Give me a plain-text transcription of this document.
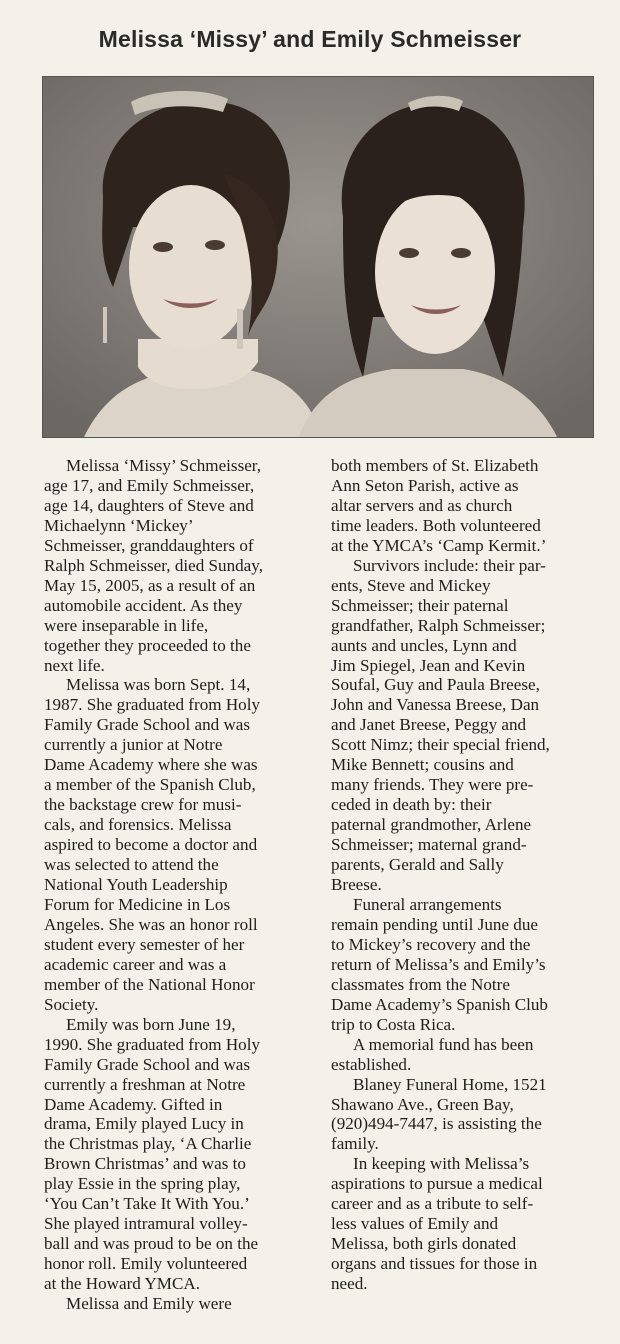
Melissa ‘Missy’ and Emily Schmeisser

Melissa ‘Missy’ Schmeisser,
age 17, and Emily Schmeisser,
age 14, daughters of Steve and
Michaelynn ‘Mickey’
Schmeisser, granddaughters of
Ralph Schmeisser, died Sunday,
May 15, 2005, as a result of an
automobile accident. As they
were inseparable in life,
together they proceeded to the
next life.

Melissa was born Sept. 14,
1987. She graduated from Holy
Family Grade School and was
currently a junior at Notre
Dame Academy where she was
a member of the Spanish Club,
the backstage crew for musi-
cals, and forensics. Melissa
aspired to become a doctor and
was selected to attend the
National Youth Leadership
Forum for Medicine in Los
Angeles. She was an honor roll
student every semester of her
academic career and was a
member of the National Honor
Society.

Emily was born June 19,
1990. She graduated from Holy
Family Grade School and was
currently a freshman at Notre
Dame Academy. Gifted in
drama, Emily played Lucy in
the Christmas play, ‘A Charlie
Brown Christmas’ and was to
play Essie in the spring play,
‘You Can’t Take It With You.’
She played intramural volley-
ball and was proud to be on the
honor roll. Emily volunteered
at the Howard YMCA.

Melissa and Emily were

both members of St. Elizabeth
Ann Seton Parish, active as
altar servers and as church
time leaders. Both volunteered
at the YMCA’s ‘Camp Kermit.’

Survivors include: their par-
ents, Steve and Mickey
Schmeisser; their paternal
grandfather, Ralph Schmeisser;
aunts and uncles, Lynn and
Jim Spiegel, Jean and Kevin
Soufal, Guy and Paula Breese,
John and Vanessa Breese, Dan
and Janet Breese, Peggy and
Scott Nimz; their special friend,
Mike Bennett; cousins and
many friends. They were pre-
ceded in death by: their
paternal grandmother, Arlene
Schmeisser; maternal grand-
parents, Gerald and Sally
Breese.

Funeral arrangements
remain pending until June due
to Mickey’s recovery and the
return of Melissa’s and Emily’s
classmates from the Notre
Dame Academy’s Spanish Club
trip to Costa Rica.

A memorial fund has been
established.

Blaney Funeral Home, 1521
Shawano Ave., Green Bay,
(920)494-7447, is assisting the
family.

In keeping with Melissa’s
aspirations to pursue a medical
career and as a tribute to self-
less values of Emily and
Melissa, both girls donated
organs and tissues for those in
need.
